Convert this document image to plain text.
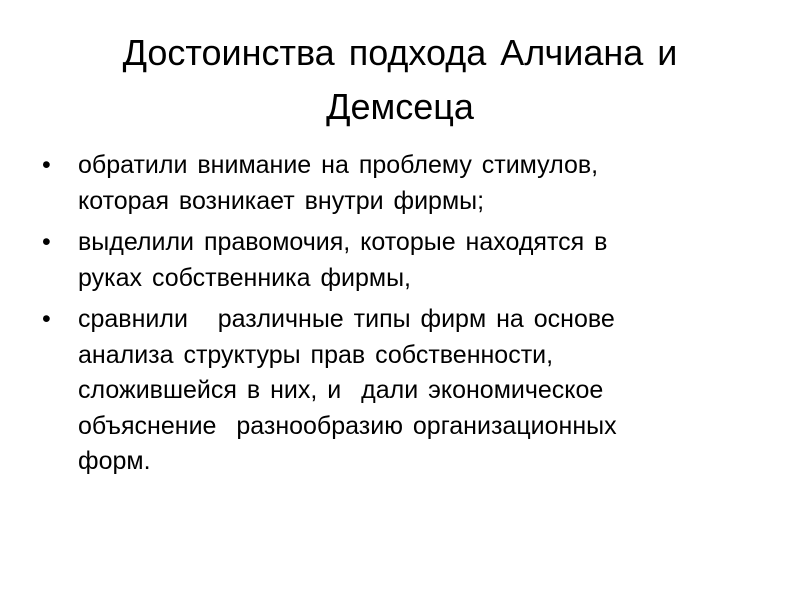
Достоинства подхода Алчиана и
Демсеца
•	обратили внимание на проблему стимулов,
которая возникает внутри фирмы;
•	выделили правомочия, которые находятся в
руках собственника фирмы,
•	сравнили   различные типы фирм на основе
анализа структуры прав собственности,
сложившейся в них, и  дали экономическое
объяснение  разнообразию организационных
форм.
